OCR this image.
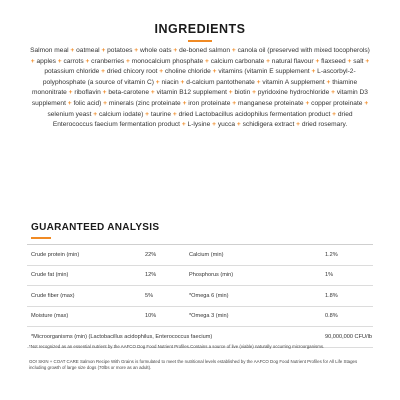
INGREDIENTS
Salmon meal + oatmeal + potatoes + whole oats + de-boned salmon + canola oil (preserved with mixed tocopherols) + apples + carrots + cranberries + monocalcium phosphate + calcium carbonate + natural flavour + flaxseed + salt + potassium chloride + dried chicory root + choline chloride + vitamins (vitamin E supplement + L-ascorbyl-2-polyphosphate (a source of vitamin C) + niacin + d-calcium pantothenate + vitamin A supplement + thiamine mononitrate + riboflavin + beta-carotene + vitamin B12 supplement + biotin + pyridoxine hydrochloride + vitamin D3 supplement + folic acid) + minerals (zinc proteinate + iron proteinate + manganese proteinate + copper proteinate + selenium yeast + calcium iodate) + taurine + dried Lactobacillus acidophilus fermentation product + dried Enterococcus faecium fermentation product + L-lysine + yucca + schidigera extract + dried rosemary.
GUARANTEED ANALYSIS
Crude protein (min)	22%	Calcium (min)	1.2%
Crude fat (min)	12%	Phosphorus (min)	1%
Crude fiber (max)	5%	*Omega 6 (min)	1.8%
Moisture (max)	10%	*Omega 3 (min)	0.8%
*Microorganisms (min) (Lactobacillus acidophilus, Enterococcus faecium)	90,000,000 CFU/lb
*Not recognized as an essential nutrient by the AAFCO Dog Food Nutrient Profiles.Contains a source of live (viable) naturally occurring microorganisms.
GO! SKIN + COAT CARE Salmon Recipe With Grains is formulated to meet the nutritional levels established by the AAFCO Dog Food Nutrient Profiles for All Life Stages including growth of large size dogs (70lbs or more as an adult).
